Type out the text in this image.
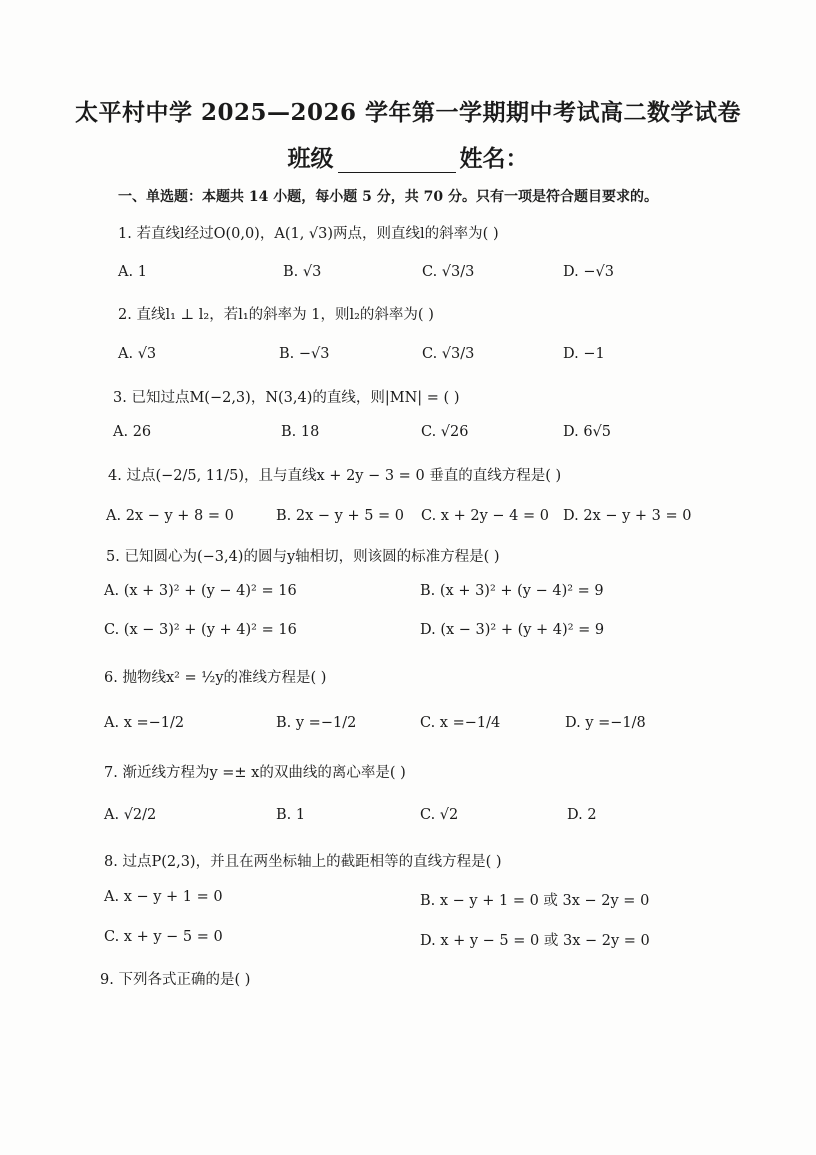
太平村中学 2025—2026 学年第一学期期中考试高二数学试卷
班级	姓名：
一、单选题：本题共 14 小题，每小题 5 分，共 70 分。只有一项是符合题目要求的。
1. 若直线l经过O(0,0)，A(1, √3)两点，则直线l的斜率为( )
A. 1	B. √3	C. √3/3	D. −√3
2. 直线l₁ ⊥ l₂，若l₁的斜率为 1，则l₂的斜率为( )
A. √3	B. −√3	C. √3/3	D. −1
3. 已知过点M(−2,3)，N(3,4)的直线，则|MN| = ( )
A. 26	B. 18	C. √26	D. 6√5
4. 过点(−2/5, 11/5)，且与直线x + 2y − 3 = 0 垂直的直线方程是( )
A. 2x − y + 8 = 0	B. 2x − y + 5 = 0 C. x + 2y − 4 = 0 D. 2x − y + 3 = 0
5. 已知圆心为(−3,4)的圆与y轴相切，则该圆的标准方程是( )
A. (x + 3)² + (y − 4)² = 16	B. (x + 3)² + (y − 4)² = 9
C. (x − 3)² + (y + 4)² = 16	D. (x − 3)² + (y + 4)² = 9
6. 抛物线x² = ½y的准线方程是( )
A. x =−1/2	B. y =−1/2	C. x =−1/4	D. y =−1/8
7. 渐近线方程为y =± x的双曲线的离心率是( )
A. √2/2	B. 1	C. √2	D. 2
8. 过点P(2,3)，并且在两坐标轴上的截距相等的直线方程是( )
A. x − y + 1 = 0	B. x − y + 1 = 0 或 3x − 2y = 0
C. x + y − 5 = 0	D. x + y − 5 = 0 或 3x − 2y = 0
9. 下列各式正确的是( )
